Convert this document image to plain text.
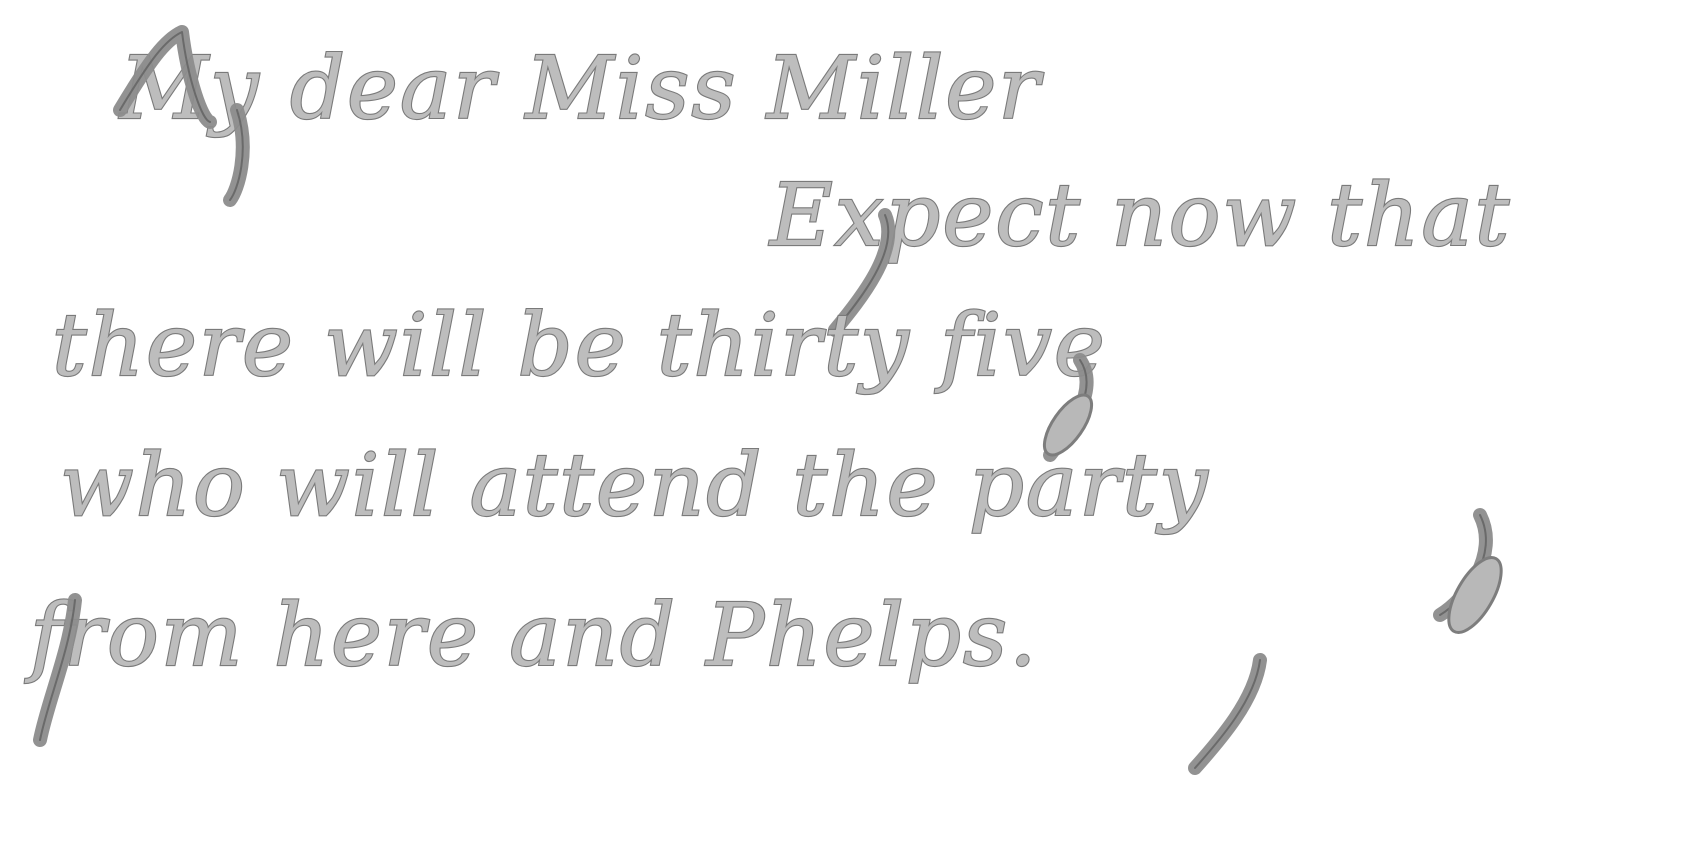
My dear Miss Miller
Expect now that
there will be thirty five
who will attend the party
from here and Phelps.
